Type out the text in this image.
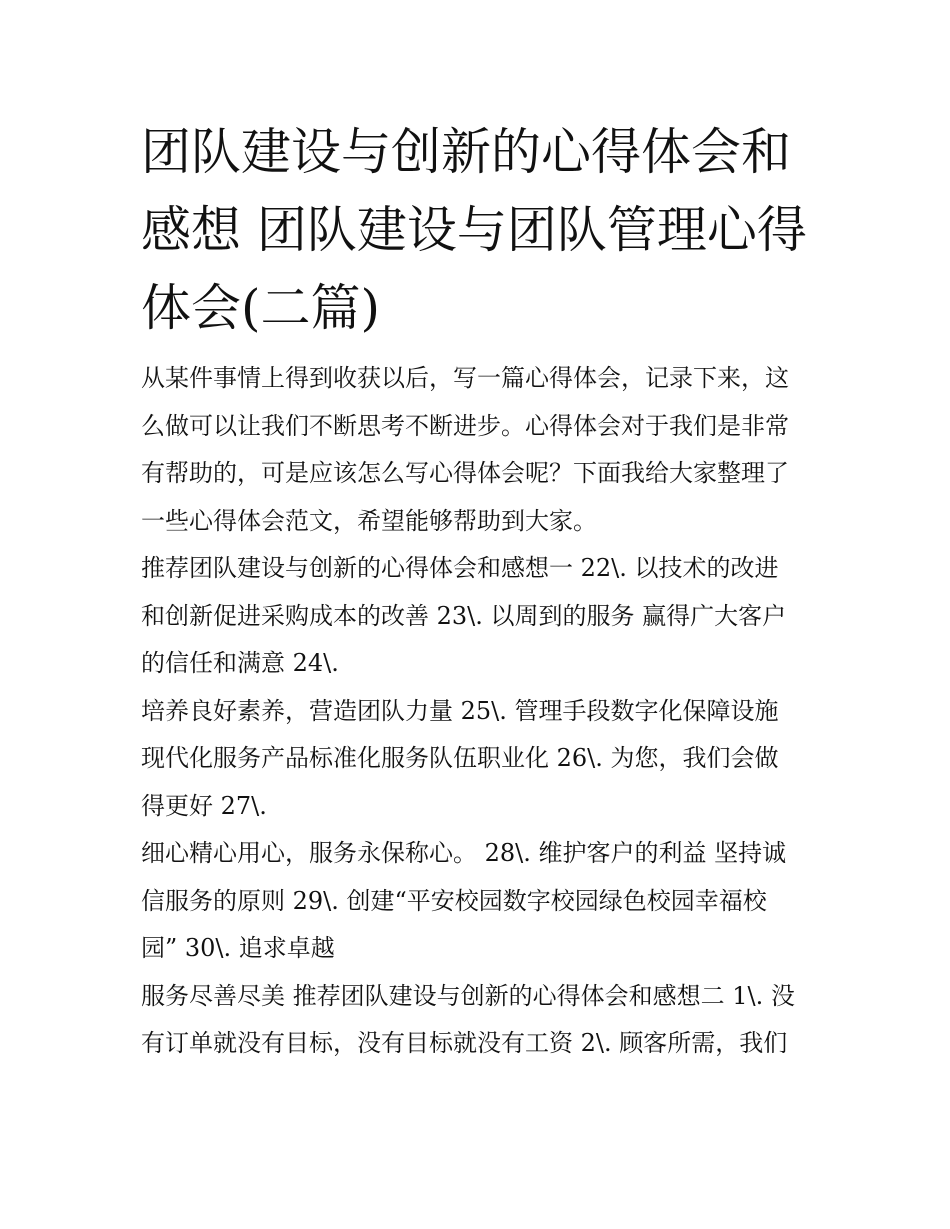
团队建设与创新的心得体会和
感想 团队建设与团队管理心得
体会(二篇)
从某件事情上得到收获以后，写一篇心得体会，记录下来，这
么做可以让我们不断思考不断进步。心得体会对于我们是非常
有帮助的，可是应该怎么写心得体会呢？下面我给大家整理了
一些心得体会范文，希望能够帮助到大家。
推荐团队建设与创新的心得体会和感想一 22\. 以技术的改进
和创新促进采购成本的改善 23\. 以周到的服务 赢得广大客户
的信任和满意 24\.
培养良好素养，营造团队力量 25\. 管理手段数字化保障设施
现代化服务产品标准化服务队伍职业化 26\. 为您，我们会做
得更好 27\.
细心精心用心，服务永保称心。 28\. 维护客户的利益 坚持诚
信服务的原则 29\. 创建“平安校园数字校园绿色校园幸福校
园” 30\. 追求卓越
服务尽善尽美 推荐团队建设与创新的心得体会和感想二 1\. 没
有订单就没有目标，没有目标就没有工资 2\. 顾客所需，我们
